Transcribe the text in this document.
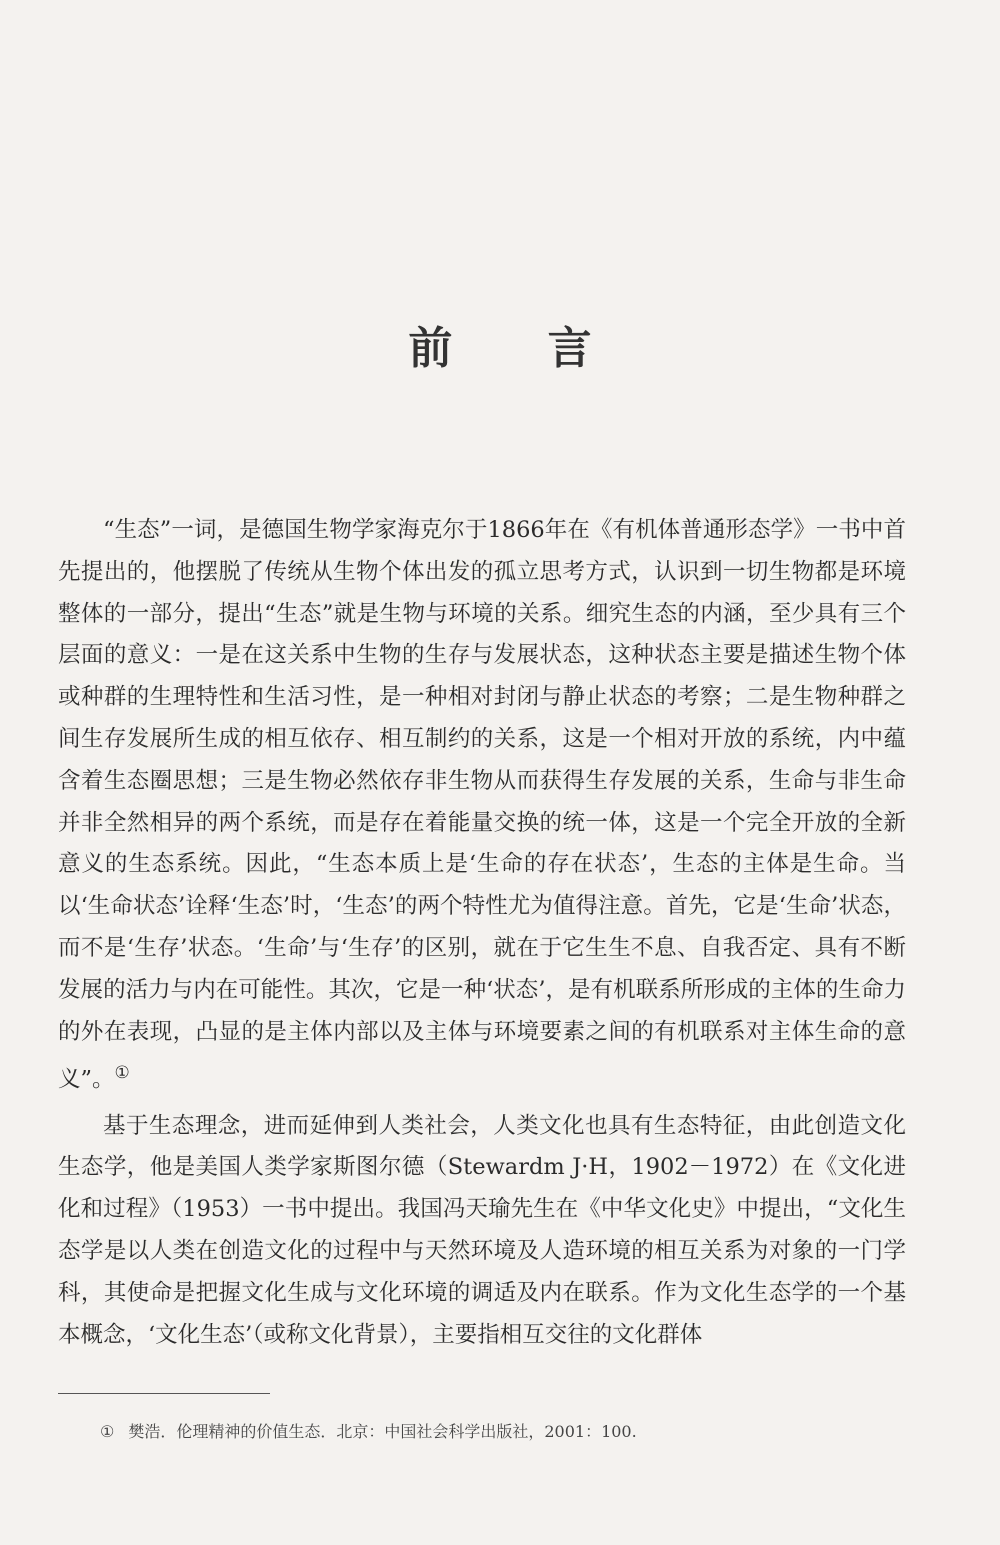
前 言

“生态”一词，是德国生物学家海克尔于1866年在《有机体普通形态学》一书中首先提出的，他摆脱了传统从生物个体出发的孤立思考方式，认识到一切生物都是环境整体的一部分，提出“生态”就是生物与环境的关系。细究生态的内涵，至少具有三个层面的意义：一是在这关系中生物的生存与发展状态，这种状态主要是描述生物个体或种群的生理特性和生活习性，是一种相对封闭与静止状态的考察；二是生物种群之间生存发展所生成的相互依存、相互制约的关系，这是一个相对开放的系统，内中蕴含着生态圈思想；三是生物必然依存非生物从而获得生存发展的关系，生命与非生命并非全然相异的两个系统，而是存在着能量交换的统一体，这是一个完全开放的全新意义的生态系统。因此，“生态本质上是‘生命的存在状态’，生态的主体是生命。当以‘生命状态’诠释‘生态’时，‘生态’的两个特性尤为值得注意。首先，它是‘生命’状态，而不是‘生存’状态。‘生命’与‘生存’的区别，就在于它生生不息、自我否定、具有不断发展的活力与内在可能性。其次，它是一种‘状态’，是有机联系所形成的主体的生命力的外在表现，凸显的是主体内部以及主体与环境要素之间的有机联系对主体生命的意义”。①

基于生态理念，进而延伸到人类社会，人类文化也具有生态特征，由此创造文化生态学，他是美国人类学家斯图尔德（Stewardm J·H，1902－1972）在《文化进化和过程》（1953）一书中提出。我国冯天瑜先生在《中华文化史》中提出，“文化生态学是以人类在创造文化的过程中与天然环境及人造环境的相互关系为对象的一门学科，其使命是把握文化生成与文化环境的调适及内在联系。作为文化生态学的一个基本概念，‘文化生态’（或称文化背景），主要指相互交往的文化群体

① 樊浩．伦理精神的价值生态．北京：中国社会科学出版社，2001：100.
